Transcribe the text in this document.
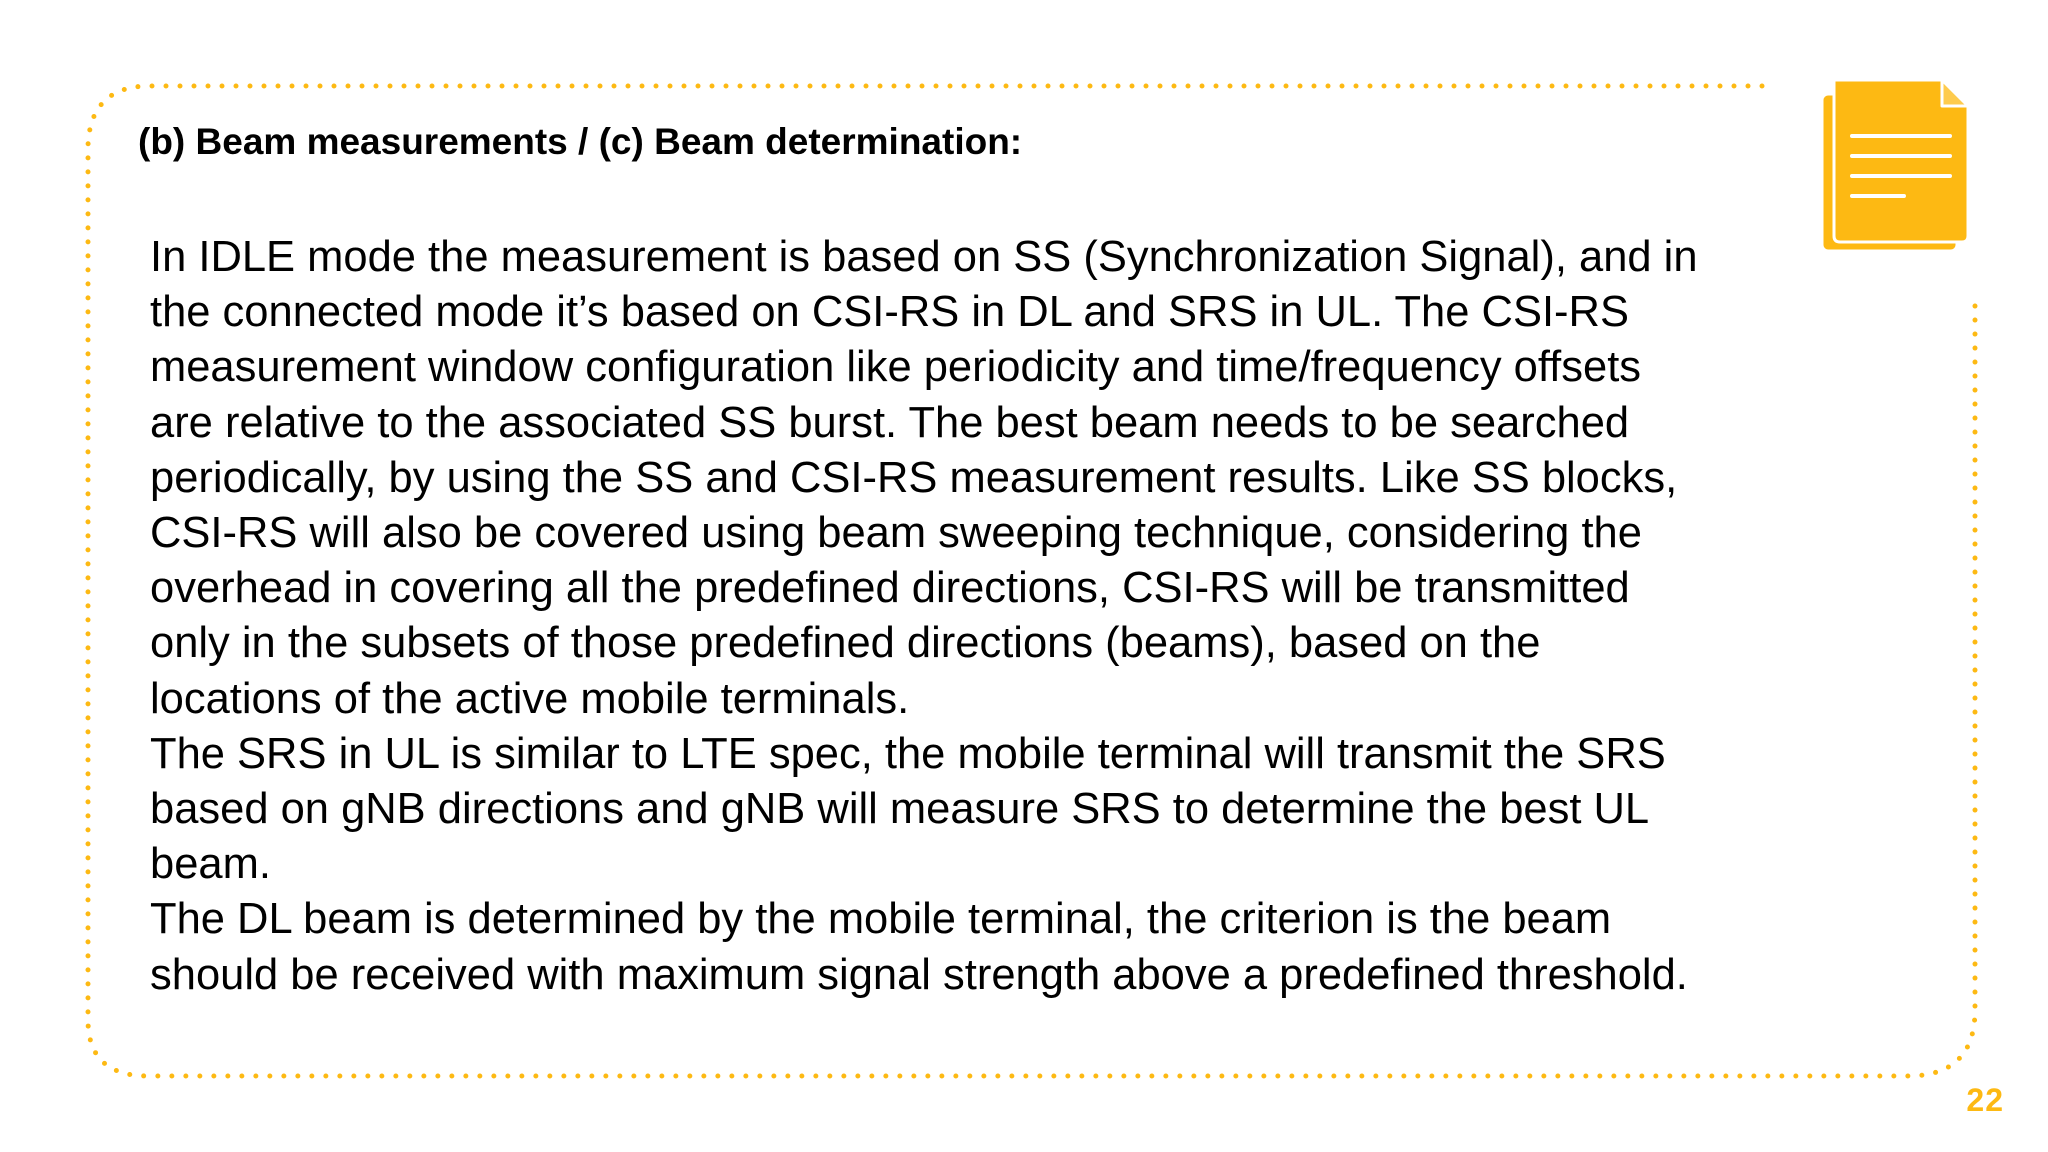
(b) Beam measurements / (c) Beam determination:
In IDLE mode the measurement is based on SS (Synchronization Signal), and in
the connected mode it’s based on CSI-RS in DL and SRS in UL. The CSI-RS
measurement window configuration like periodicity and time/frequency offsets
are relative to the associated SS burst. The best beam needs to be searched
periodically, by using the SS and CSI-RS measurement results. Like SS blocks,
CSI-RS will also be covered using beam sweeping technique, considering the
overhead in covering all the predefined directions, CSI-RS will be transmitted
only in the subsets of those predefined directions (beams), based on the
locations of the active mobile terminals.
The SRS in UL is similar to LTE spec, the mobile terminal will transmit the SRS
based on gNB directions and gNB will measure SRS to determine the best UL
beam.
The DL beam is determined by the mobile terminal, the criterion is the beam
should be received with maximum signal strength above a predefined threshold.
22
